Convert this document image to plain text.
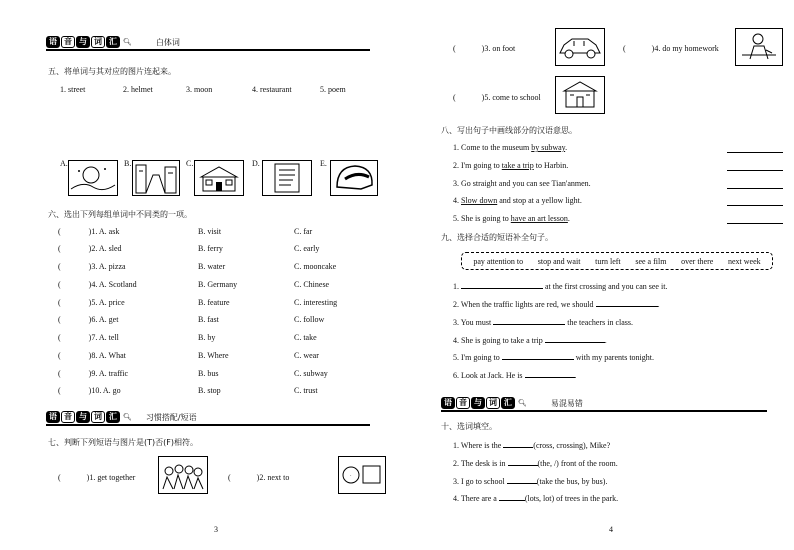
语 音 与 词 汇 🔍︎	白体词
五、将单词与其对应的图片连起来。
1. street	2. helmet	3. moon	4. restaurant	5. poem
A.	B.	C.	D.	E.
六、选出下列每组单词中不同类的一项。
(	)1. A. ask	B. visit	C. far
(	)2. A. sled	B. ferry	C. early
(	)3. A. pizza	B. water	C. mooncake
(	)4. A. Scotland	B. Germany	C. Chinese
(	)5. A. price	B. feature	C. interesting
(	)6. A. get	B. fast	C. follow
(	)7. A. tell	B. by	C. take
(	)8. A. What	B. Where	C. wear
(	)9. A. traffic	B. bus	C. subway
(	)10. A. go	B. stop	C. trust
语 音 与 词 汇 🔍︎ 习惯搭配/短语
七、判断下列短语与图片是(T)否(F)相符。
(	)1. get together	(	)2. next to	·
3
(	)3. on foot	(	)4. do my homework
(	)5. come to school
八、写出句子中画线部分的汉语意思。
1. Come to the museum by subway.
2. I'm going to take a trip to Harbin.
3. Go straight and you can see Tian'anmen.
4. Slow down and stop at a yellow light.
5. She is going to have an art lesson.
九、选择合适的短语补全句子。
pay attention to stop and wait turn left see a film over there next week
1.	at the first crossing and you can see it.
2. When the traffic lights are red, we should	.
3. You must	the teachers in class.
4. She is going to take a trip	.
5. I'm going to	with my parents tonight.
6. Look at Jack. He is	.
语 音 与 词 汇 🔍︎	易混易错
十、选词填空。
1. Where is the	(cross, crossing), Mike?
2. The desk is in	(the, /) front of the room.
3. I go to school	(take the bus, by bus).
4. There are a	(lots, lot) of trees in the park.
4
